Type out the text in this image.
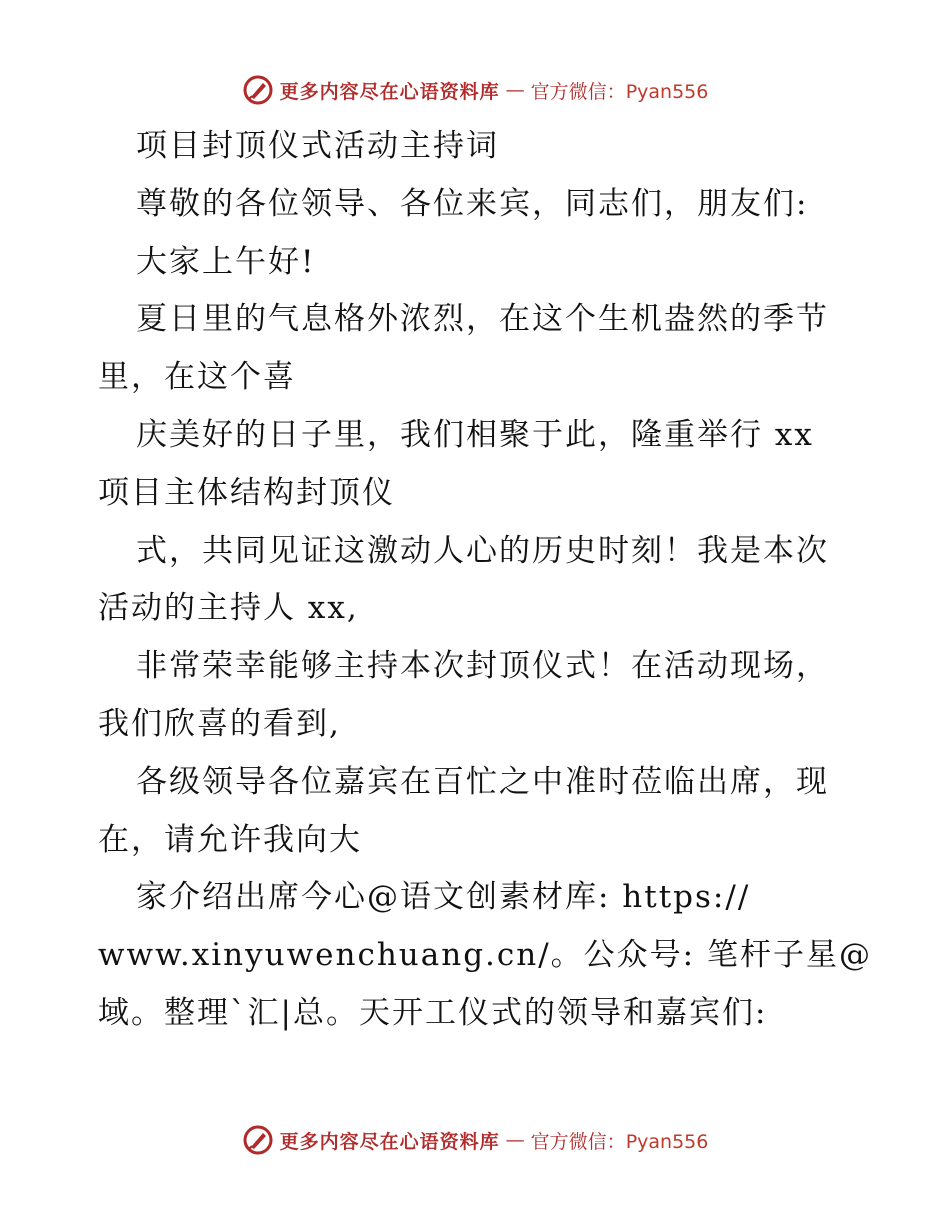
更多内容尽在心语资料库 — 官方微信：Pyan556
项目封顶仪式活动主持词
尊敬的各位领导、各位来宾，同志们，朋友们:
大家上午好!
夏日里的气息格外浓烈，在这个生机盎然的季节
里，在这个喜
庆美好的日子里，我们相聚于此，隆重举行 xx
项目主体结构封顶仪
式，共同见证这激动人心的历史时刻！我是本次
活动的主持人 xx,
非常荣幸能够主持本次封顶仪式！在活动现场，
我们欣喜的看到,
各级领导各位嘉宾在百忙之中准时莅临出席，现
在，请允许我向大
家介绍出席今心@语文创素材库: https://
www.xinyuwenchuang.cn/。公众号: 笔杆子星@
域。整理`汇|总。天开工仪式的领导和嘉宾们:
更多内容尽在心语资料库 — 官方微信：Pyan556
